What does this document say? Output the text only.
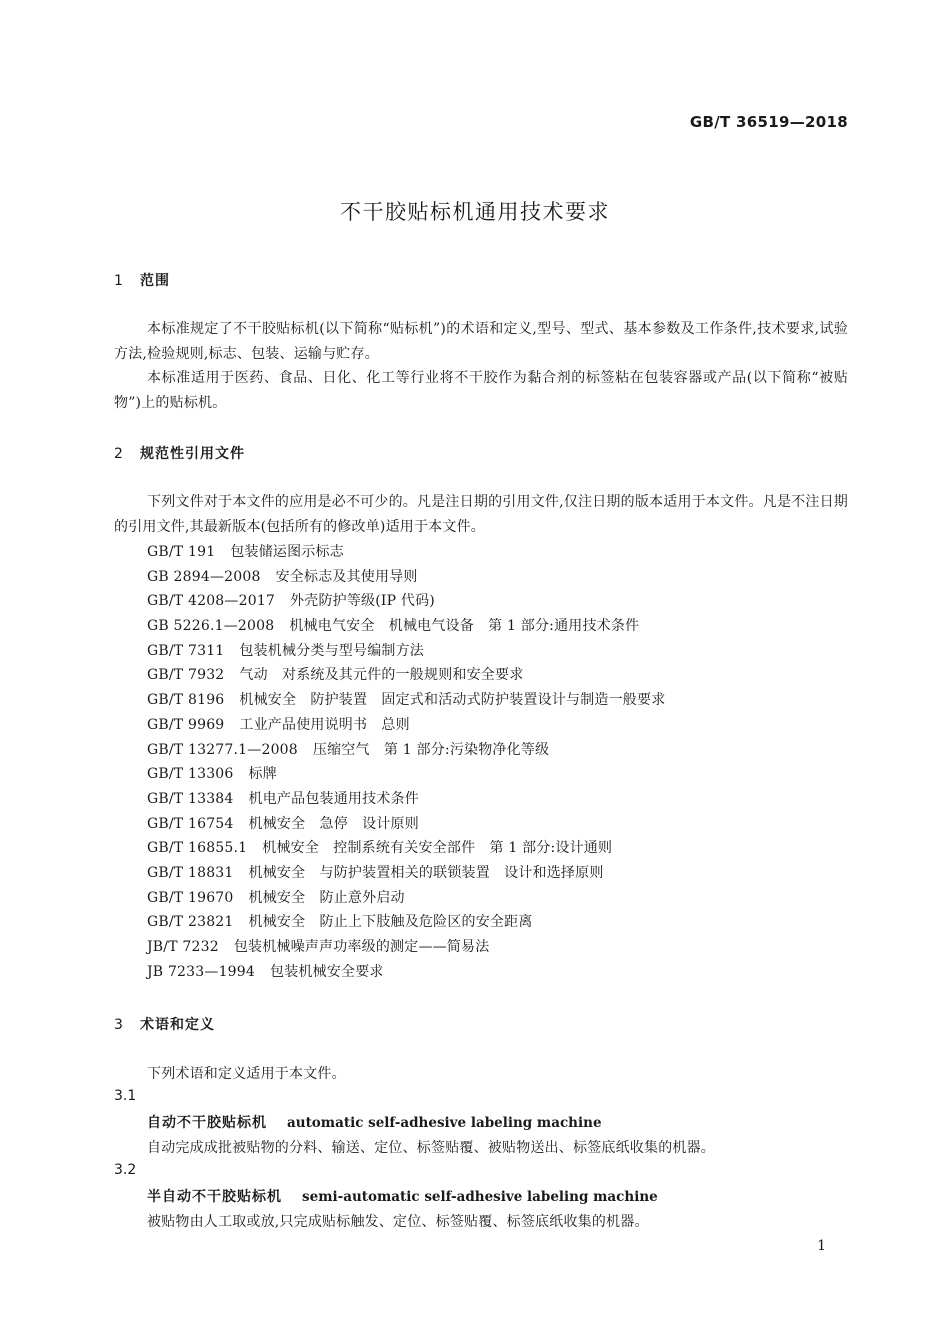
GB/T 36519—2018
不干胶贴标机通用技术要求
1 范围
本标准规定了不干胶贴标机(以下简称“贴标机”)的术语和定义,型号、型式、基本参数及工作条件,技术要求,试验方法,检验规则,标志、包装、运输与贮存。
本标准适用于医药、食品、日化、化工等行业将不干胶作为黏合剂的标签粘在包装容器或产品(以下简称“被贴物”)上的贴标机。
2 规范性引用文件
下列文件对于本文件的应用是必不可少的。凡是注日期的引用文件,仅注日期的版本适用于本文件。凡是不注日期的引用文件,其最新版本(包括所有的修改单)适用于本文件。
GB/T 191 包装储运图示标志
GB 2894—2008 安全标志及其使用导则
GB/T 4208—2017 外壳防护等级(IP 代码)
GB 5226.1—2008 机械电气安全　机械电气设备　第 1 部分:通用技术条件
GB/T 7311 包装机械分类与型号编制方法
GB/T 7932 气动　对系统及其元件的一般规则和安全要求
GB/T 8196 机械安全　防护装置　固定式和活动式防护装置设计与制造一般要求
GB/T 9969 工业产品使用说明书　总则
GB/T 13277.1—2008 压缩空气　第 1 部分:污染物净化等级
GB/T 13306 标牌
GB/T 13384 机电产品包装通用技术条件
GB/T 16754 机械安全　急停　设计原则
GB/T 16855.1 机械安全　控制系统有关安全部件　第 1 部分:设计通则
GB/T 18831 机械安全　与防护装置相关的联锁装置　设计和选择原则
GB/T 19670 机械安全　防止意外启动
GB/T 23821 机械安全　防止上下肢触及危险区的安全距离
JB/T 7232 包装机械噪声声功率级的测定——简易法
JB 7233—1994 包装机械安全要求
3 术语和定义
下列术语和定义适用于本文件。
3.1
自动不干胶贴标机 automatic self-adhesive labeling machine
自动完成成批被贴物的分料、输送、定位、标签贴覆、被贴物送出、标签底纸收集的机器。
3.2
半自动不干胶贴标机 semi-automatic self-adhesive labeling machine
被贴物由人工取或放,只完成贴标触发、定位、标签贴覆、标签底纸收集的机器。
1
